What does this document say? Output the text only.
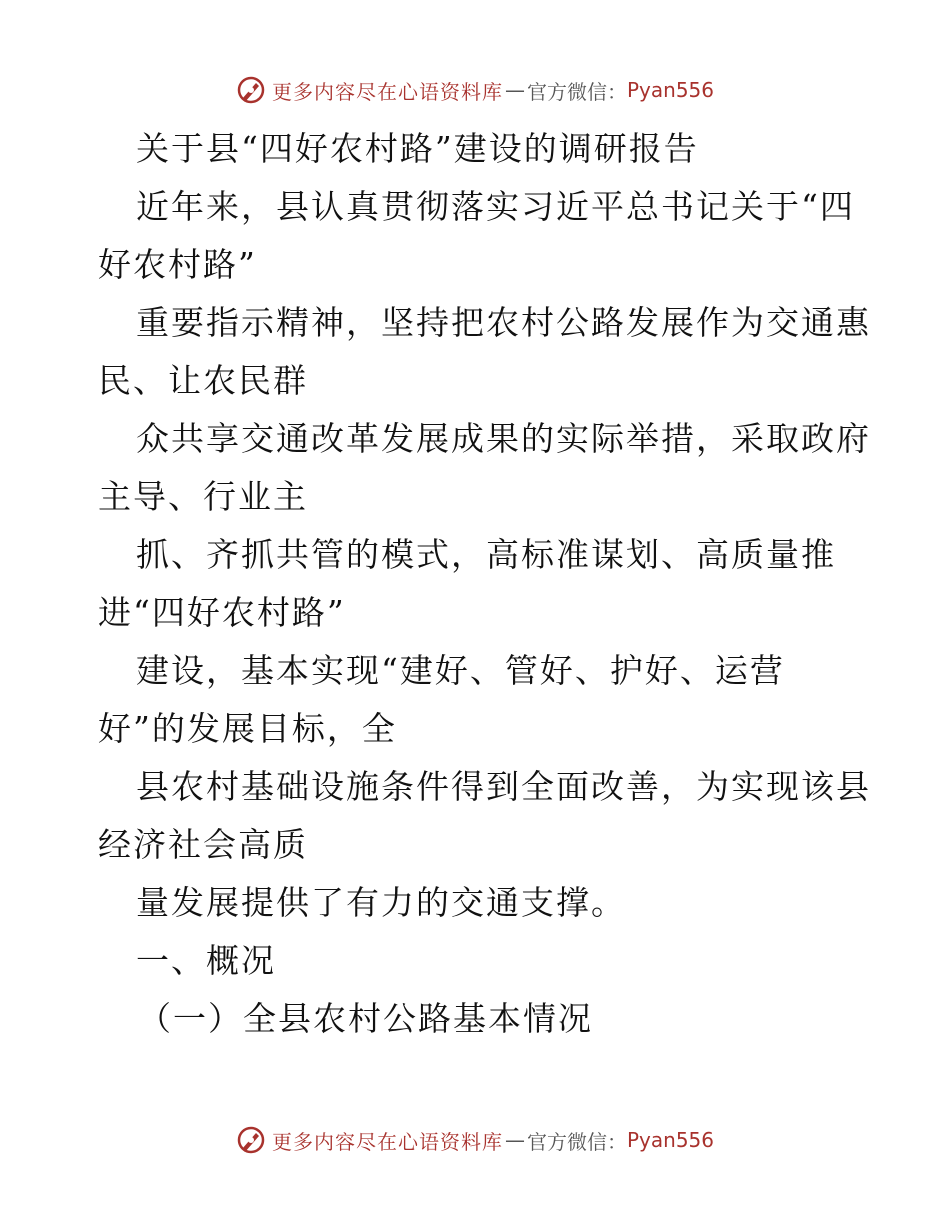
更多内容尽在心语资料库 — 官方微信： Pyan556
关于县“四好农村路”建设的调研报告
近年来，县认真贯彻落实习近平总书记关于“四
好农村路”
重要指示精神，坚持把农村公路发展作为交通惠
民、让农民群
众共享交通改革发展成果的实际举措，采取政府
主导、行业主
抓、齐抓共管的模式，高标准谋划、高质量推
进“四好农村路”
建设，基本实现“建好、管好、护好、运营
好”的发展目标，全
县农村基础设施条件得到全面改善，为实现该县
经济社会高质
量发展提供了有力的交通支撑。
一、概况
（一）全县农村公路基本情况
更多内容尽在心语资料库 — 官方微信： Pyan556
